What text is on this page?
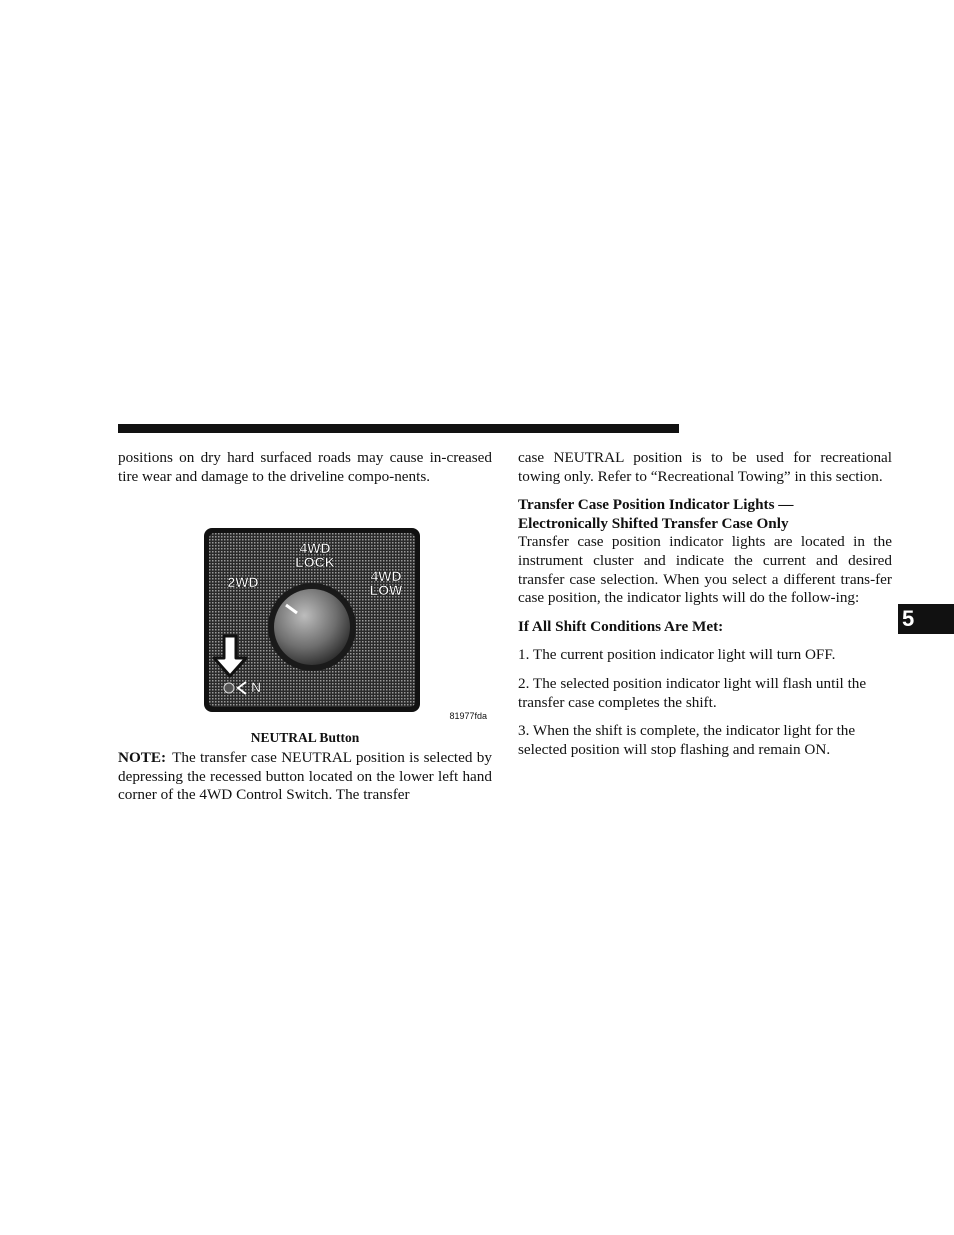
positions on dry hard surfaced roads may cause in-creased tire wear and damage to the driveline compo-nents.

4WD
LOCK
2WD	4WD
LOW
N
81977fda
NEUTRAL Button
NOTE: The transfer case NEUTRAL position is selected by depressing the recessed button located on the lower left hand corner of the 4WD Control Switch. The transfer

case NEUTRAL position is to be used for recreational towing only. Refer to “Recreational Towing” in this section.

Transfer Case Position Indicator Lights —

Electronically Shifted Transfer Case Only

Transfer case position indicator lights are located in the instrument cluster and indicate the current and desired transfer case selection. When you select a different trans-fer case position, the indicator lights will do the follow-ing:

If All Shift Conditions Are Met:

1. The current position indicator light will turn OFF.

2. The selected position indicator light will flash until the transfer case completes the shift.

3. When the shift is complete, the indicator light for the selected position will stop flashing and remain ON.

5
